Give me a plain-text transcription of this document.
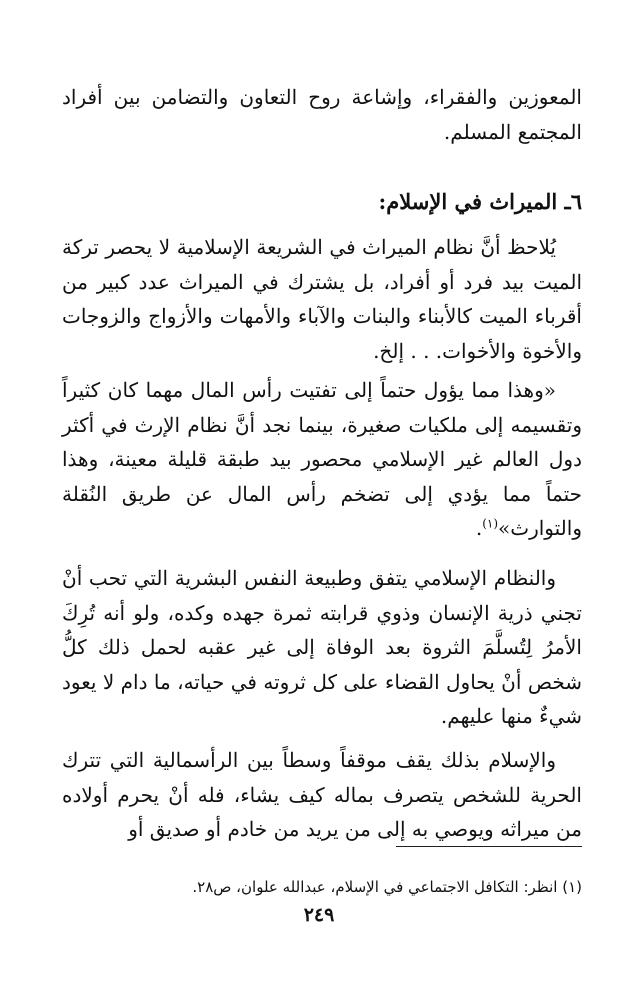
المعوزين والفقراء، وإشاعة روح التعاون والتضامن بين أفراد المجتمع المسلم.

٦ـ الميراث في الإسلام:

يُلاحظ أنَّ نظام الميراث في الشريعة الإسلامية لا يحصر تركة الميت بيد فرد أو أفراد، بل يشترك في الميراث عدد كبير من أقرباء الميت كالأبناء والبنات والآباء والأمهات والأزواج والزوجات والأخوة والأخوات. . . إلخ.

«وهذا مما يؤول حتماً إلى تفتيت رأس المال مهما كان كثيراً وتقسيمه إلى ملكيات صغيرة، بينما نجد أنَّ نظام الإرث في أكثر دول العالم غير الإسلامي محصور بيد طبقة قليلة معينة، وهذا حتماً مما يؤدي إلى تضخم رأس المال عن طريق النُقلة والتوارث»$^{(١)}$.

والنظام الإسلامي يتفق وطبيعة النفس البشرية التي تحب أنْ تجني ذرية الإنسان وذوي قرابته ثمرة جهده وكده، ولو أنه تُرِكَ الأمرُ لِتُسلَّمَ الثروة بعد الوفاة إلى غير عقبه لحمل ذلك كلُّ شخص أنْ يحاول القضاء على كل ثروته في حياته، ما دام لا يعود شيءٌ منها عليهم.

والإسلام بذلك يقف موقفاً وسطاً بين الرأسمالية التي تترك الحرية للشخص يتصرف بماله كيف يشاء، فله أنْ يحرم أولاده من ميراثه ويوصي به إلى من يريد من خادم أو صديق أو

(١) انظر: التكافل الاجتماعي في الإسلام، عبدالله علوان، ص٢٨.

٢٤٩
